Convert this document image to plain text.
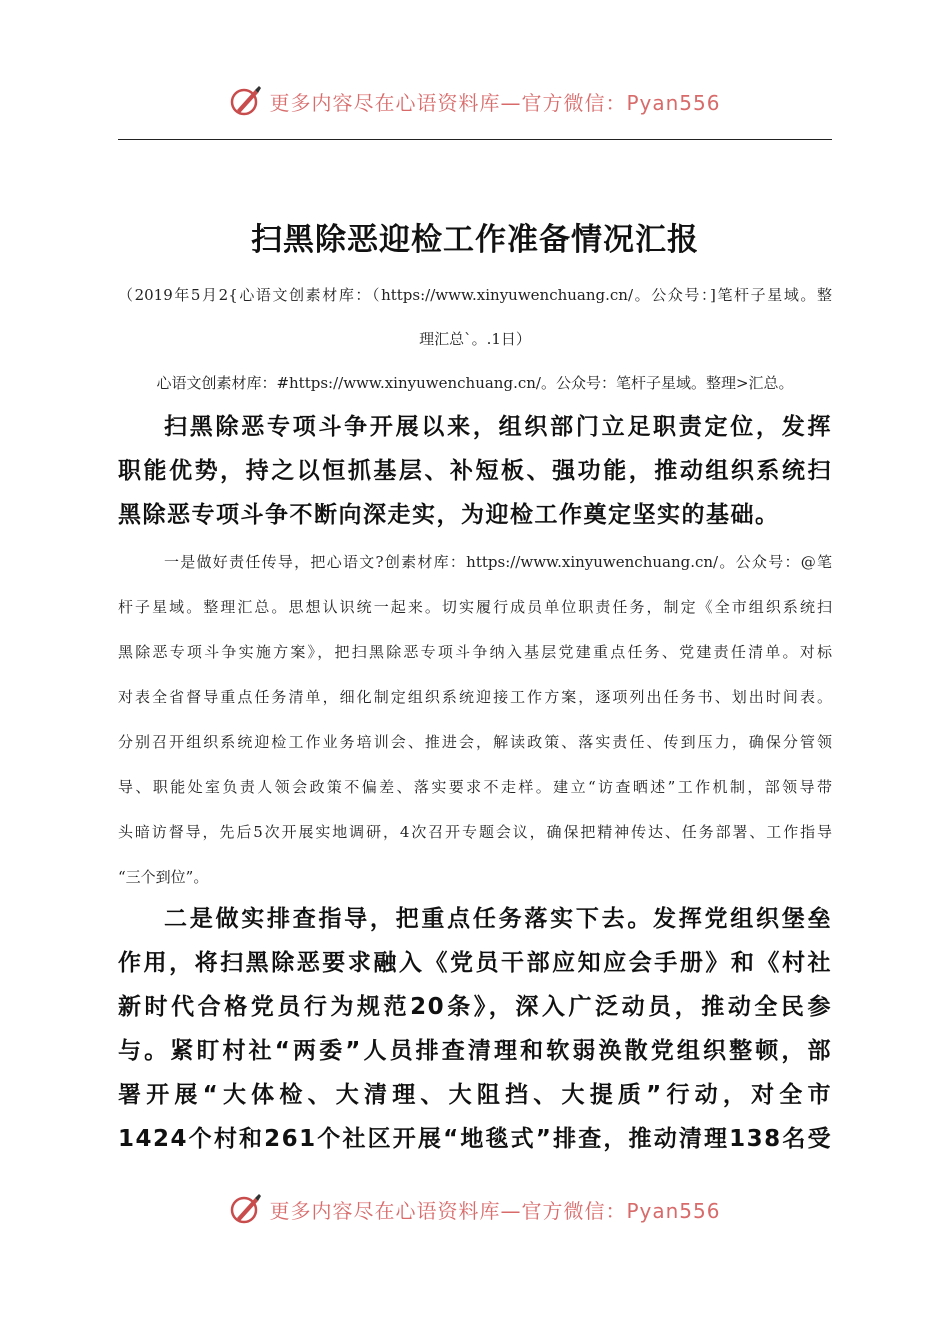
更多内容尽在心语资料库—官方微信：Pyan556
扫黑除恶迎检工作准备情况汇报
（2019年5月2{心语文创素材库：（https://www.xinyuwenchuang.cn/。公众号：]笔杆子星域。整
理汇总`。.1日）
心语文创素材库：#https://www.xinyuwenchuang.cn/。公众号：笔杆子星域。整理>汇总。
扫黑除恶专项斗争开展以来，组织部门立足职责定位，发挥
职能优势，持之以恒抓基层、补短板、强功能，推动组织系统扫
黑除恶专项斗争不断向深走实，为迎检工作奠定坚实的基础。
一是做好责任传导，把心语文?创素材库：https://www.xinyuwenchuang.cn/。公众号：@笔
杆子星域。整理汇总。思想认识统一起来。切实履行成员单位职责任务，制定《全市组织系统扫
黑除恶专项斗争实施方案》，把扫黑除恶专项斗争纳入基层党建重点任务、党建责任清单。对标
对表全省督导重点任务清单，细化制定组织系统迎接工作方案，逐项列出任务书、划出时间表。
分别召开组织系统迎检工作业务培训会、推进会，解读政策、落实责任、传到压力，确保分管领
导、职能处室负责人领会政策不偏差、落实要求不走样。建立“访查晒述”工作机制，部领导带
头暗访督导，先后5次开展实地调研，4次召开专题会议，确保把精神传达、任务部署、工作指导
“三个到位”。
二是做实排查指导，把重点任务落实下去。发挥党组织堡垒
作用，将扫黑除恶要求融入《党员干部应知应会手册》和《村社
新时代合格党员行为规范20条》，深入广泛动员，推动全民参
与。紧盯村社“两委”人员排查清理和软弱涣散党组织整顿，部
署开展“大体检、大清理、大阻挡、大提质”行动，对全市
1424个村和261个社区开展“地毯式”排查，推动清理138名受
更多内容尽在心语资料库—官方微信：Pyan556
